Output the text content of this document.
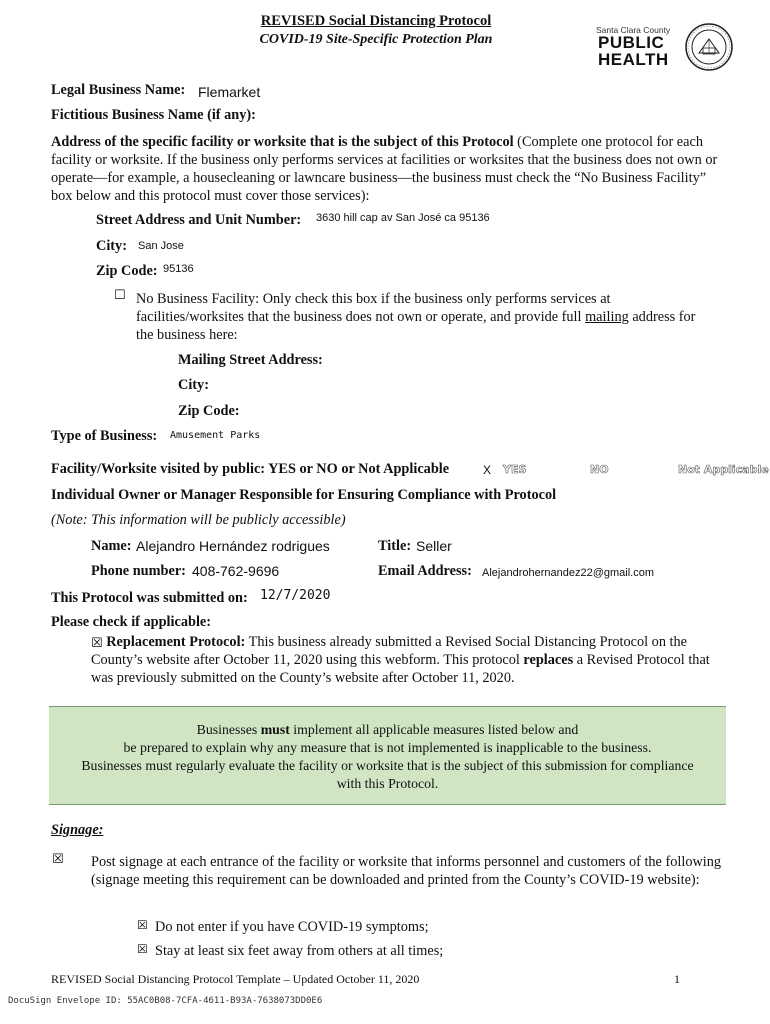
REVISED Social Distancing Protocol
COVID-19 Site-Specific Protection Plan
Santa Clara County
PUBLIC
HEALTH
Legal Business Name: Flemarket
Fictitious Business Name (if any):
Address of the specific facility or worksite that is the subject of this Protocol (Complete one protocol for each facility or worksite. If the business only performs services at facilities or worksites that the business does not own or operate—for example, a housecleaning or lawncare business—the business must check the “No Business Facility” box below and this protocol must cover those services):
Street Address and Unit Number: 3630 hill cap av San José ca 95136
City: San Jose
Zip Code: 95136
☐ No Business Facility: Only check this box if the business only performs services at facilities/worksites that the business does not own or operate, and provide full mailing address for the business here:
Mailing Street Address:
City:
Zip Code:
Type of Business: Amusement Parks
Facility/Worksite visited by public: YES or NO or Not Applicable	X YES	NO	Not Applicable
Individual Owner or Manager Responsible for Ensuring Compliance with Protocol
(Note: This information will be publicly accessible)
Name: Alejandro Hernández rodrigues	Title: Seller
Phone number: 408-762-9696	Email Address: Alejandrohernandez22@gmail.com
This Protocol was submitted on: 12/7/2020
Please check if applicable:
☒ Replacement Protocol: This business already submitted a Revised Social Distancing Protocol on the County’s website after October 11, 2020 using this webform. This protocol replaces a Revised Protocol that was previously submitted on the County’s website after October 11, 2020.
Businesses must implement all applicable measures listed below and
be prepared to explain why any measure that is not implemented is inapplicable to the business.
Businesses must regularly evaluate the facility or worksite that is the subject of this submission for compliance
with this Protocol.
Signage:
☒ Post signage at each entrance of the facility or worksite that informs personnel and customers of the following (signage meeting this requirement can be downloaded and printed from the County’s COVID-19 website):
☒ Do not enter if you have COVID-19 symptoms;
☒ Stay at least six feet away from others at all times;
REVISED Social Distancing Protocol Template – Updated October 11, 2020	1
DocuSign Envelope ID: 55AC0B08-7CFA-4611-B93A-7638073DD0E6
